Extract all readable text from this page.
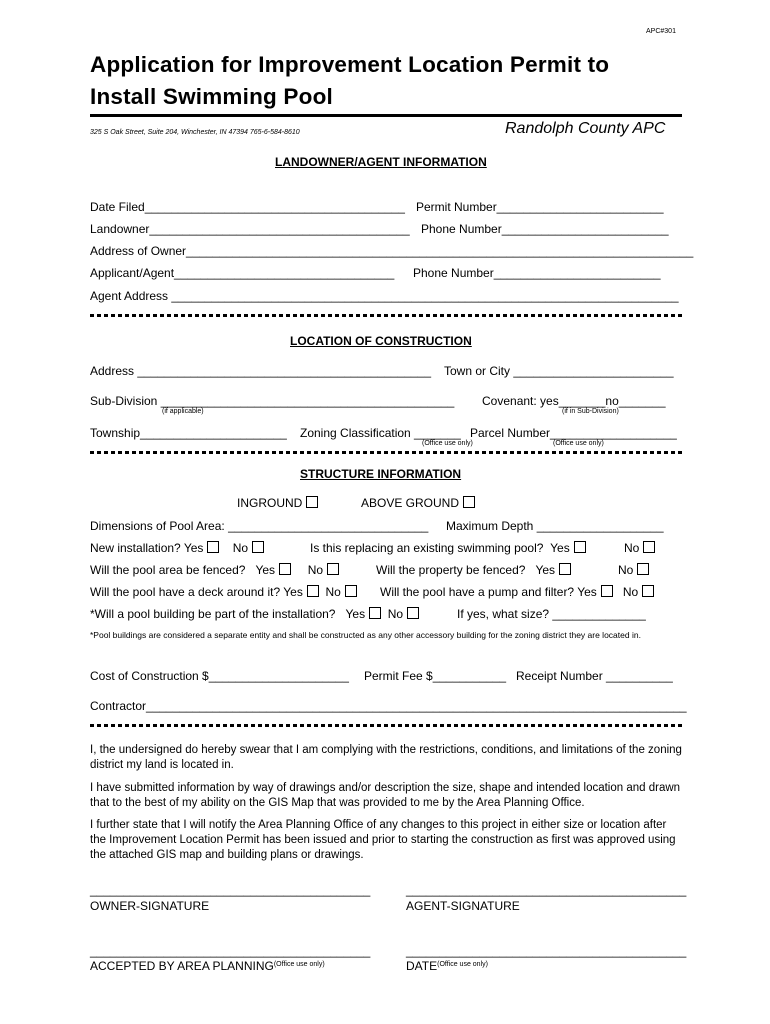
APC#301
Application for Improvement Location Permit to
Install Swimming Pool
325 S Oak Street, Suite 204, Winchester, IN 47394 765-6-584-8610	Randolph County APC
LANDOWNER/AGENT INFORMATION
Date Filed_______________________________________ Permit Number_________________________
Landowner_______________________________________ Phone Number_________________________
Address of Owner____________________________________________________________________________
Applicant/Agent_________________________________ Phone Number_________________________
Agent Address ____________________________________________________________________________
LOCATION OF CONSTRUCTION
Address ____________________________________________ Town or City ________________________
Sub-Division ____________________________________________
(if applicable)
Covenant: yes_______no_______
(if in Sub-Division)
Township______________________ Zoning Classification _______ Parcel Number___________________
(Office use only)	(Office use only)
STRUCTURE INFORMATION
INGROUND	ABOVE GROUND
Dimensions of Pool Area: ______________________________ Maximum Depth ___________________
New installation? Yes No	Is this replacing an existing swimming pool? Yes	No
Will the pool area be fenced? Yes	No	Will the property be fenced? Yes	No
Will the pool have a deck around it? Yes No	Will the pool have a pump and filter? Yes No
*Will a pool building be part of the installation? Yes No	If yes, what size? ______________
*Pool buildings are considered a separate entity and shall be constructed as any other accessory building for the zoning district they are located in.
Cost of Construction $_____________________ Permit Fee $___________ Receipt Number __________
Contractor_________________________________________________________________________________
I, the undersigned do hereby swear that I am complying with the restrictions, conditions, and limitations of the zoning district my land is located in.
I have submitted information by way of drawings and/or description the size, shape and intended location and drawn that to the best of my ability on the GIS Map that was provided to me by the Area Planning Office.
I further state that I will notify the Area Planning Office of any changes to this project in either size or location after the Improvement Location Permit has been issued and prior to starting the construction as first was approved using the attached GIS map and building plans or drawings.
__________________________________________	__________________________________________
OWNER-SIGNATURE	AGENT-SIGNATURE
__________________________________________	__________________________________________
ACCEPTED BY AREA $PLANNING^{(Office use only)}$	$DATE^{(Office use only)}$
